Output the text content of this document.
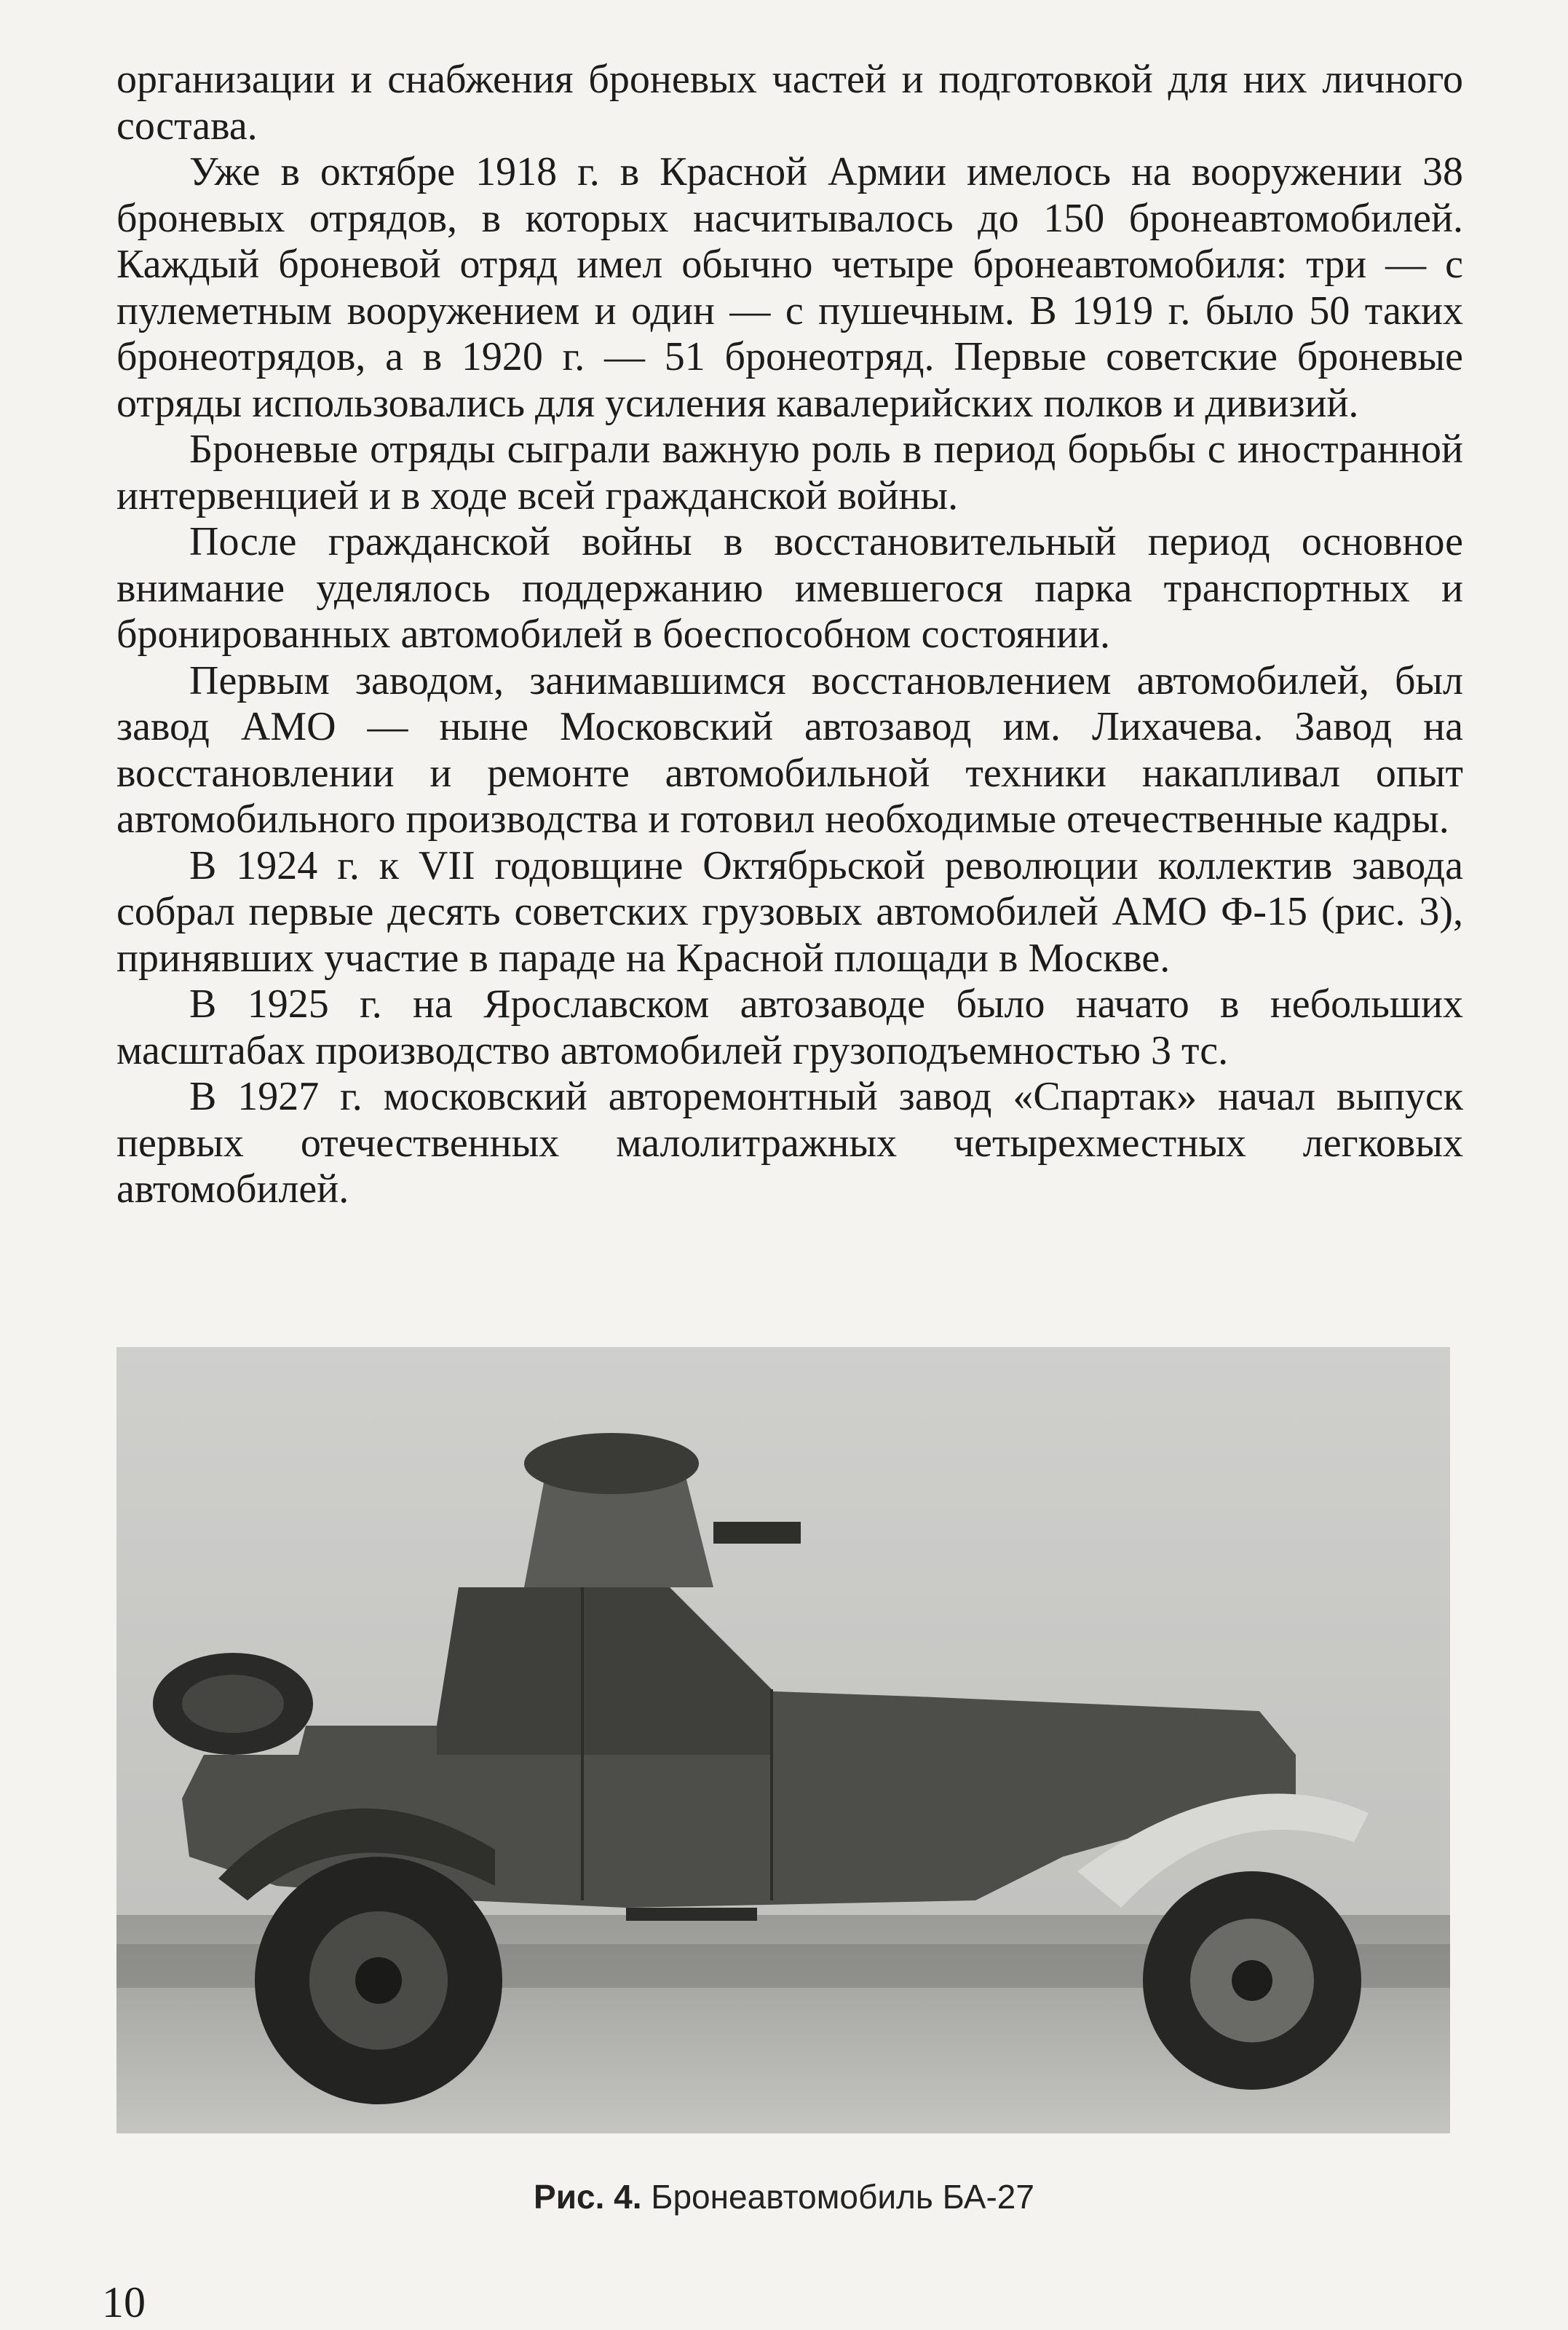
организации и снабжения броневых частей и подготовкой для них личного состава.

Уже в октябре 1918 г. в Красной Армии имелось на вооружении 38 броневых отрядов, в которых насчитывалось до 150 бронеавтомобилей. Каждый броневой отряд имел обычно четыре бронеавтомобиля: три — с пулеметным вооружением и один — с пушечным. В 1919 г. было 50 таких бронеотрядов, а в 1920 г. — 51 бронеотряд. Первые советские броневые отряды использовались для усиления кавалерийских полков и дивизий.

Броневые отряды сыграли важную роль в период борьбы с иностранной интервенцией и в ходе всей гражданской войны.

После гражданской войны в восстановительный период основное внимание уделялось поддержанию имевшегося парка транспортных и бронированных автомобилей в боеспособном состоянии.

Первым заводом, занимавшимся восстановлением автомобилей, был завод АМО — ныне Московский автозавод им. Лихачева. Завод на восстановлении и ремонте автомобильной техники накапливал опыт автомобильного производства и готовил необходимые отечественные кадры.

В 1924 г. к VII годовщине Октябрьской революции коллектив завода собрал первые десять советских грузовых автомобилей АМО Ф-15 (рис. 3), принявших участие в параде на Красной площади в Москве.

В 1925 г. на Ярославском автозаводе было начато в небольших масштабах производство автомобилей грузоподъемностью 3 тс.

В 1927 г. московский авторемонтный завод «Спартак» начал выпуск первых отечественных малолитражных четырехместных легковых автомобилей.

Рис. 4. Бронеавтомобиль БА-27
10
